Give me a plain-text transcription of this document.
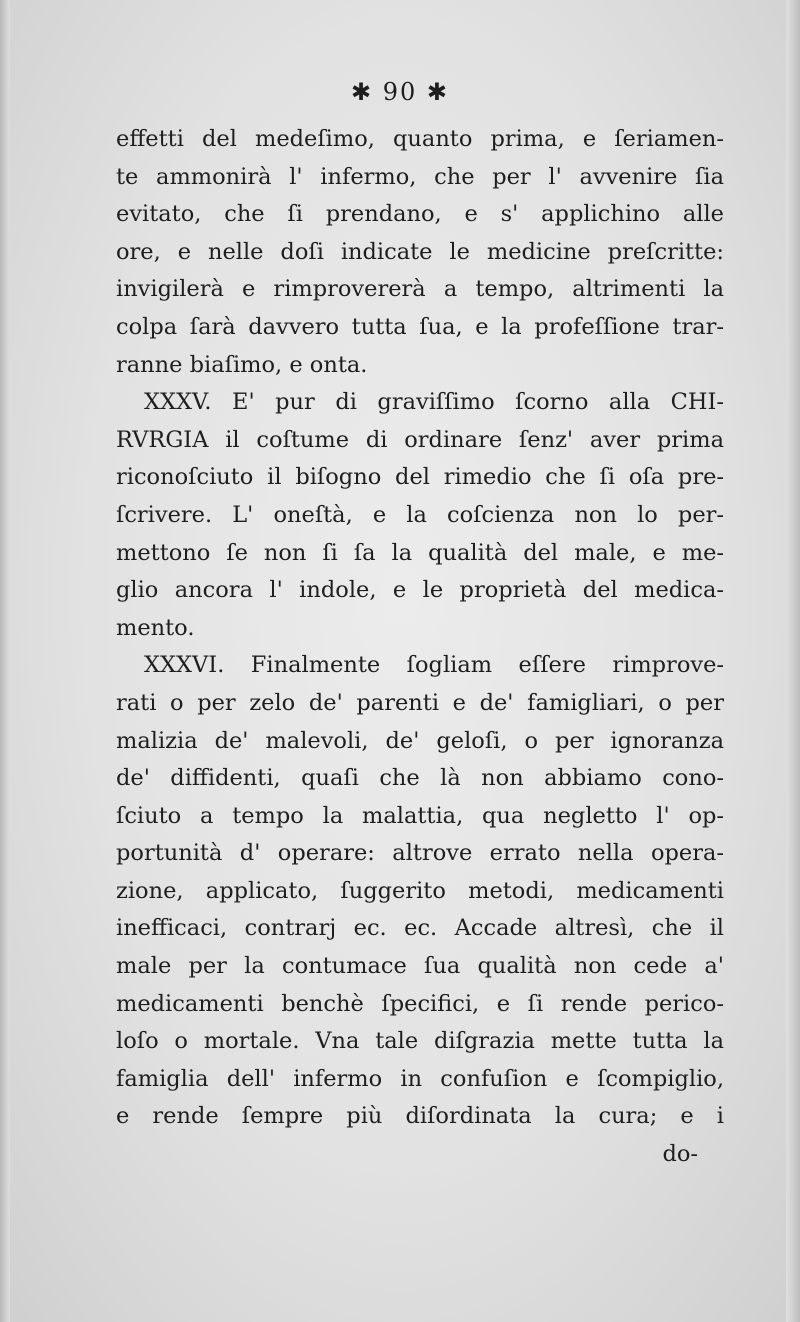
✱ 90 ✱
effetti del medeſimo, quanto prima, e ſeriamen-
te ammonirà l' infermo, che per l' avvenire ſia
evitato, che ſi prendano, e s' applichino alle
ore, e nelle doſi indicate le medicine preſcritte:
invigilerà e rimprovererà a tempo, altrimenti la
colpa ſarà davvero tutta ſua, e la profeſſione trar-
ranne biaſimo, e onta.
XXXV. E' pur di graviſſimo ſcorno alla CHI-
RVRGIA il coſtume di ordinare ſenz' aver prima
riconoſciuto il biſogno del rimedio che ſi oſa pre-
ſcrivere. L' oneſtà, e la coſcienza non lo per-
mettono ſe non ſi ſa la qualità del male, e me-
glio ancora l' indole, e le proprietà del medica-
mento.
XXXVI. Finalmente ſogliam eſſere rimprove-
rati o per zelo de' parenti e de' famigliari, o per
malizia de' malevoli, de' geloſi, o per ignoranza
de' diffidenti, quaſi che là non abbiamo cono-
ſciuto a tempo la malattia, qua negletto l' op-
portunità d' operare: altrove errato nella opera-
zione, applicato, ſuggerito metodi, medicamenti
inefficaci, contrarj ec. ec. Accade altresì, che il
male per la contumace ſua qualità non cede a'
medicamenti benchè ſpecifici, e ſi rende perico-
loſo o mortale. Vna tale diſgrazia mette tutta la
famiglia dell' infermo in confuſion e ſcompiglio,
e rende ſempre più diſordinata la cura; e i
do-
